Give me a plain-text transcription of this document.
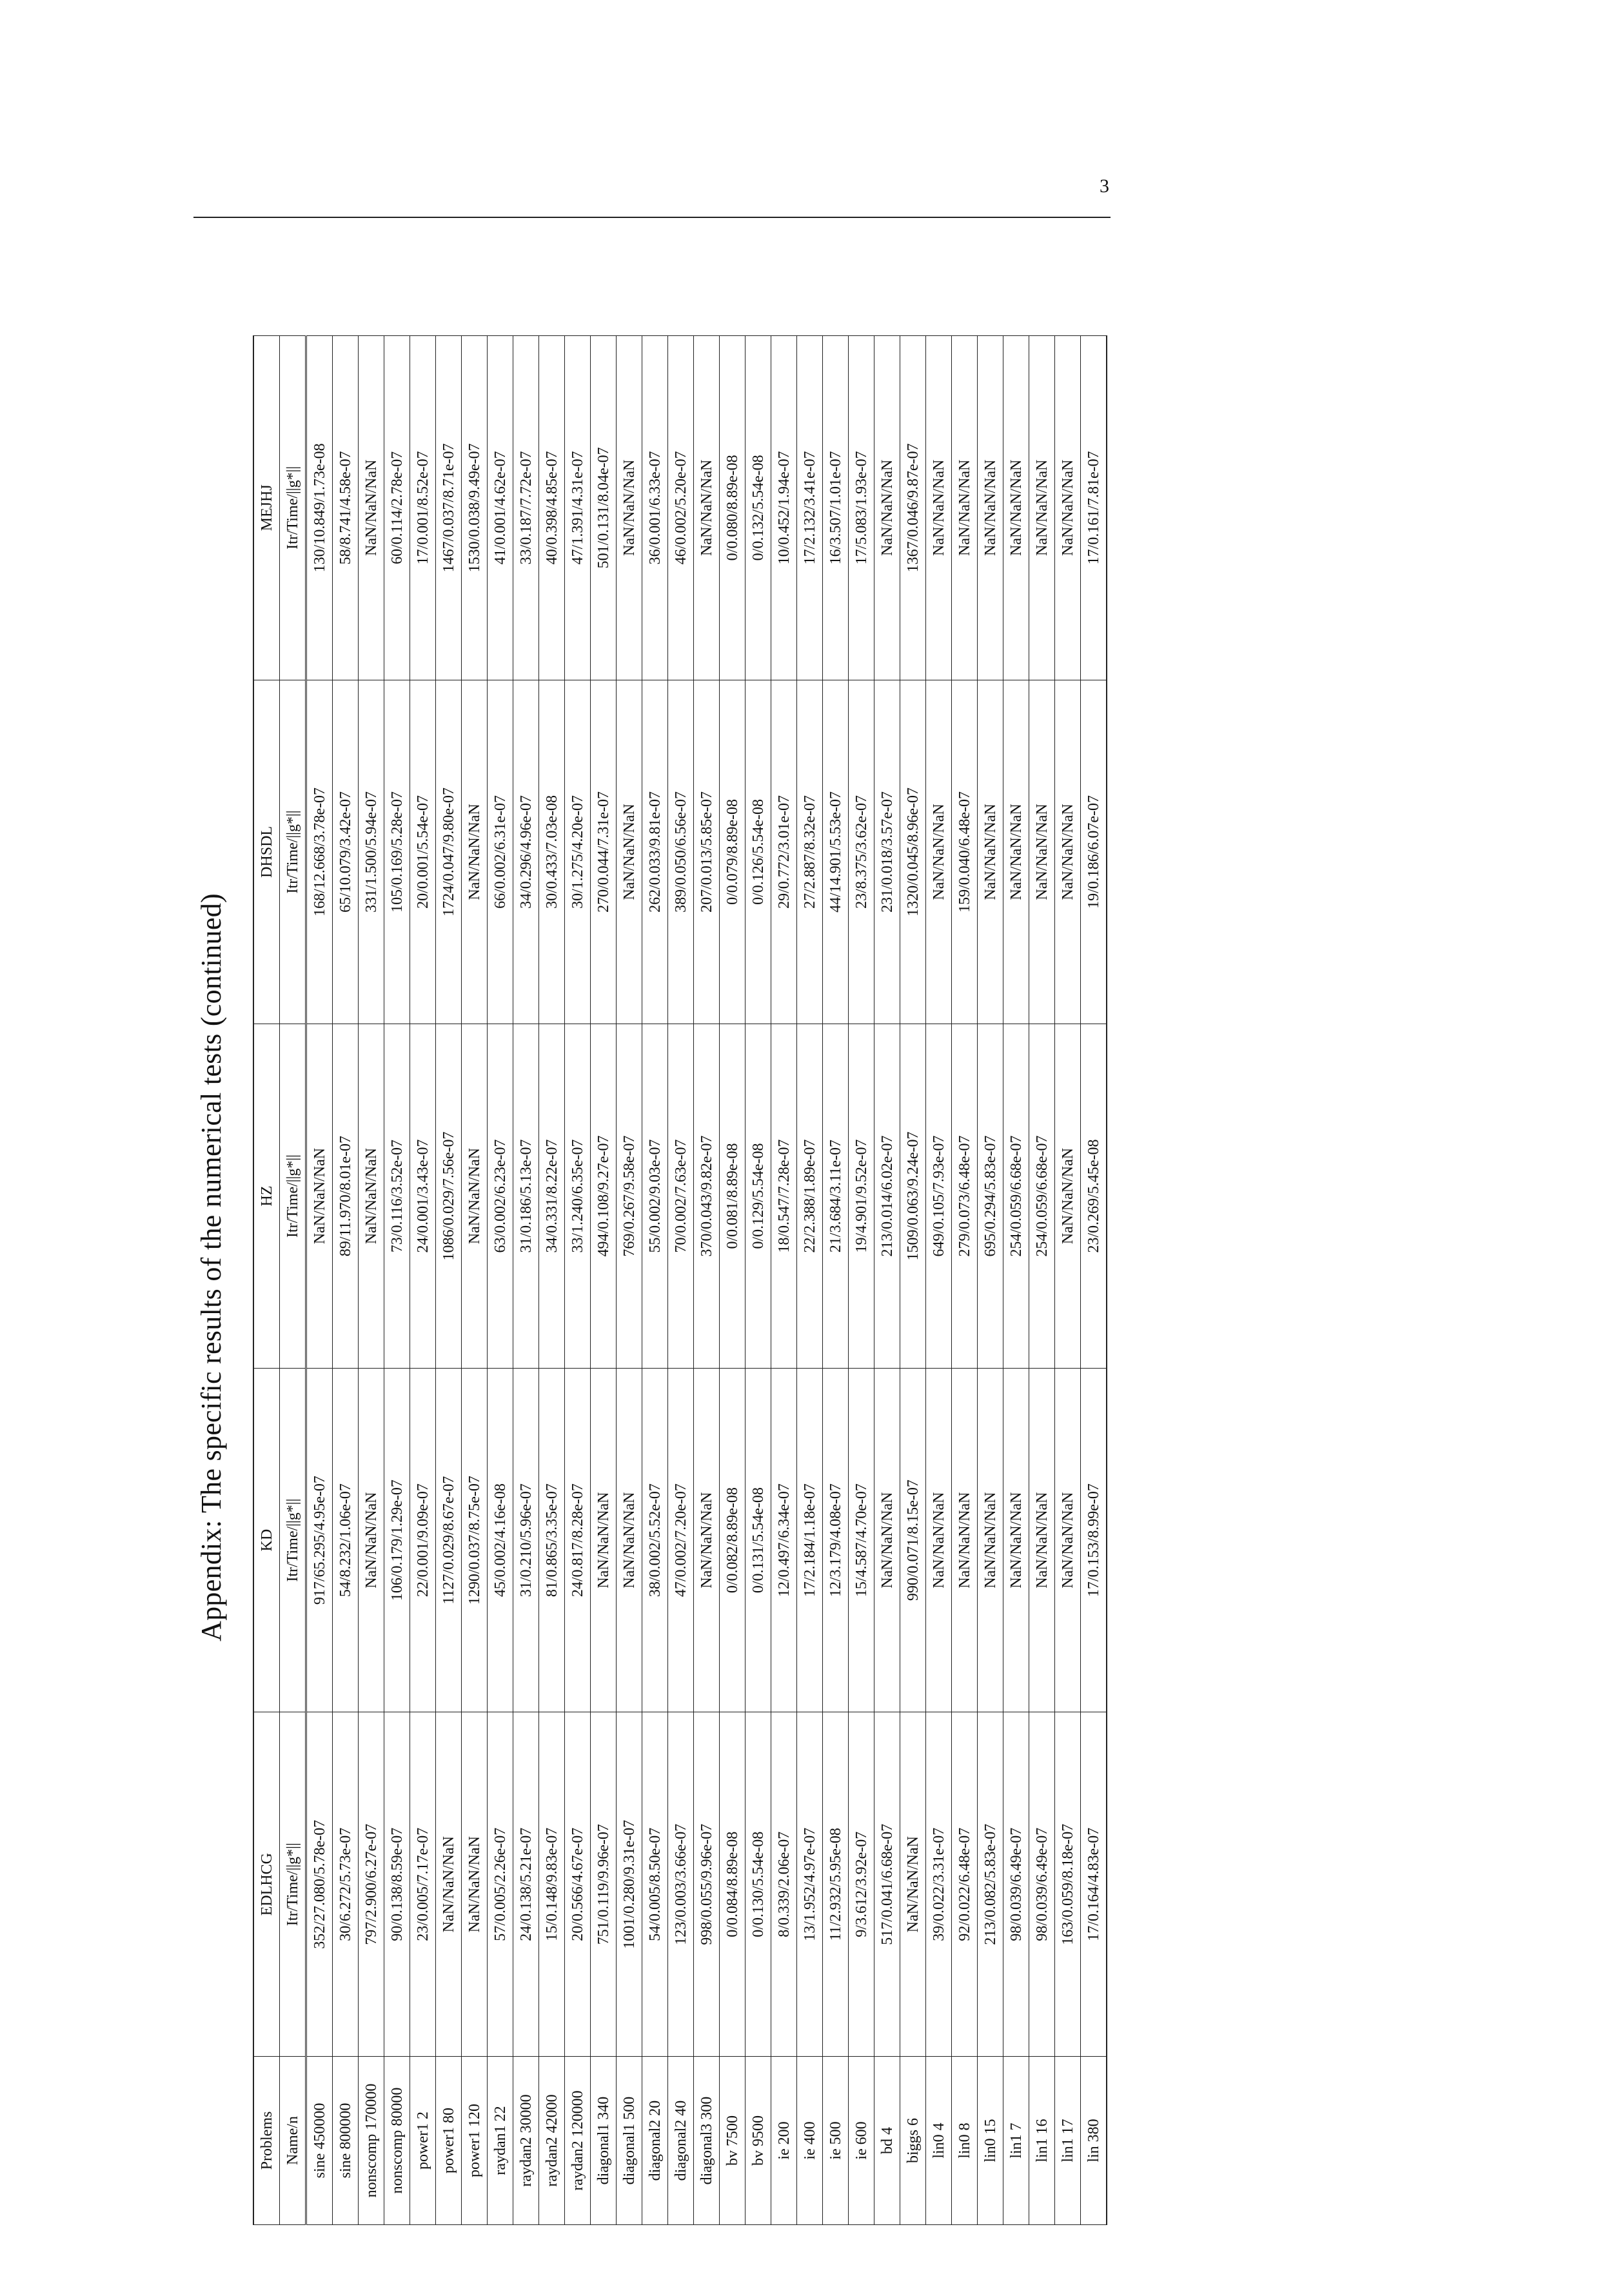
3
Appendix: The specific results of the numerical tests (continued)
Problems	EDLHCG	KD	HZ	DHSDL	MEJHJ
Name/n	Itr/Time/||g*||	Itr/Time/||g*||	Itr/Time/||g*||	Itr/Time/||g*||	Itr/Time/||g*||
sine 450000	352/27.080/5.78e-07	917/65.295/4.95e-07	NaN/NaN/NaN	168/12.668/3.78e-07	130/10.849/1.73e-08
sine 800000	30/6.272/5.73e-07	54/8.232/1.06e-07	89/11.970/8.01e-07	65/10.079/3.42e-07	58/8.741/4.58e-07
nonscomp 170000	797/2.900/6.27e-07	NaN/NaN/NaN	NaN/NaN/NaN	331/1.500/5.94e-07	NaN/NaN/NaN
nonscomp 80000	90/0.138/8.59e-07	106/0.179/1.29e-07	73/0.116/3.52e-07	105/0.169/5.28e-07	60/0.114/2.78e-07
power1 2	23/0.005/7.17e-07	22/0.001/9.09e-07	24/0.001/3.43e-07	20/0.001/5.54e-07	17/0.001/8.52e-07
power1 80	NaN/NaN/NaN	1127/0.029/8.67e-07	1086/0.029/7.56e-07	1724/0.047/9.80e-07	1467/0.037/8.71e-07
power1 120	NaN/NaN/NaN	1290/0.037/8.75e-07	NaN/NaN/NaN	NaN/NaN/NaN	1530/0.038/9.49e-07
raydan1 22	57/0.005/2.26e-07	45/0.002/4.16e-08	63/0.002/6.23e-07	66/0.002/6.31e-07	41/0.001/4.62e-07
raydan2 30000	24/0.138/5.21e-07	31/0.210/5.96e-07	31/0.186/5.13e-07	34/0.296/4.96e-07	33/0.187/7.72e-07
raydan2 42000	15/0.148/9.83e-07	81/0.865/3.35e-07	34/0.331/8.22e-07	30/0.433/7.03e-08	40/0.398/4.85e-07
raydan2 120000	20/0.566/4.67e-07	24/0.817/8.28e-07	33/1.240/6.35e-07	30/1.275/4.20e-07	47/1.391/4.31e-07
diagonal1 340	751/0.119/9.96e-07	NaN/NaN/NaN	494/0.108/9.27e-07	270/0.044/7.31e-07	501/0.131/8.04e-07
diagonal1 500	1001/0.280/9.31e-07	NaN/NaN/NaN	769/0.267/9.58e-07	NaN/NaN/NaN	NaN/NaN/NaN
diagonal2 20	54/0.005/8.50e-07	38/0.002/5.52e-07	55/0.002/9.03e-07	262/0.033/9.81e-07	36/0.001/6.33e-07
diagonal2 40	123/0.003/3.66e-07	47/0.002/7.20e-07	70/0.002/7.63e-07	389/0.050/6.56e-07	46/0.002/5.20e-07
diagonal3 300	998/0.055/9.96e-07	NaN/NaN/NaN	370/0.043/9.82e-07	207/0.013/5.85e-07	NaN/NaN/NaN
bv 7500	0/0.084/8.89e-08	0/0.082/8.89e-08	0/0.081/8.89e-08	0/0.079/8.89e-08	0/0.080/8.89e-08
bv 9500	0/0.130/5.54e-08	0/0.131/5.54e-08	0/0.129/5.54e-08	0/0.126/5.54e-08	0/0.132/5.54e-08
ie 200	8/0.339/2.06e-07	12/0.497/6.34e-07	18/0.547/7.28e-07	29/0.772/3.01e-07	10/0.452/1.94e-07
ie 400	13/1.952/4.97e-07	17/2.184/1.18e-07	22/2.388/1.89e-07	27/2.887/8.32e-07	17/2.132/3.41e-07
ie 500	11/2.932/5.95e-08	12/3.179/4.08e-07	21/3.684/3.11e-07	44/14.901/5.53e-07	16/3.507/1.01e-07
ie 600	9/3.612/3.92e-07	15/4.587/4.70e-07	19/4.901/9.52e-07	23/8.375/3.62e-07	17/5.083/1.93e-07
bd 4	517/0.041/6.68e-07	NaN/NaN/NaN	213/0.014/6.02e-07	231/0.018/3.57e-07	NaN/NaN/NaN
biggs 6	NaN/NaN/NaN	990/0.071/8.15e-07	1509/0.063/9.24e-07	1320/0.045/8.96e-07	1367/0.046/9.87e-07
lin0 4	39/0.022/3.31e-07	NaN/NaN/NaN	649/0.105/7.93e-07	NaN/NaN/NaN	NaN/NaN/NaN
lin0 8	92/0.022/6.48e-07	NaN/NaN/NaN	279/0.073/6.48e-07	159/0.040/6.48e-07	NaN/NaN/NaN
lin0 15	213/0.082/5.83e-07	NaN/NaN/NaN	695/0.294/5.83e-07	NaN/NaN/NaN	NaN/NaN/NaN
lin1 7	98/0.039/6.49e-07	NaN/NaN/NaN	254/0.059/6.68e-07	NaN/NaN/NaN	NaN/NaN/NaN
lin1 16	98/0.039/6.49e-07	NaN/NaN/NaN	254/0.059/6.68e-07	NaN/NaN/NaN	NaN/NaN/NaN
lin1 17	163/0.059/8.18e-07	NaN/NaN/NaN	NaN/NaN/NaN	NaN/NaN/NaN	NaN/NaN/NaN
lin 380	17/0.164/4.83e-07	17/0.153/8.99e-07	23/0.269/5.45e-08	19/0.186/6.07e-07	17/0.161/7.81e-07
